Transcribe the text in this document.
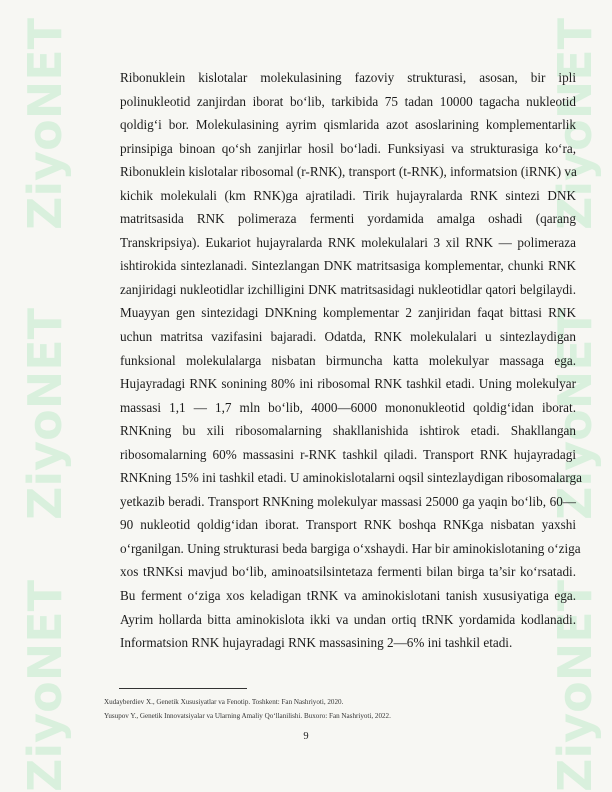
ZiyoNET
ZiyoNET
ZiyoNET
ZiyoNET
ZiyoNET
ZiyoNET

Ribonuklein kislotalar molekulasining fazoviy strukturasi, asosan, bir ipli
polinukleotid zanjirdan iborat bo‘lib, tarkibida 75 tadan 10000 tagacha nukleotid
qoldig‘i bor. Molekulasining ayrim qismlarida azot asoslarining komplementarlik
prinsipiga binoan qo‘sh zanjirlar hosil bo‘ladi. Funksiyasi va strukturasiga ko‘ra,
Ribonuklein kislotalar ribosomal (r-RNK), transport (t-RNK), informatsion (iRNK) va
kichik molekulali (km RNK)ga ajratiladi. Tirik hujayralarda RNK sintezi DNK
matritsasida RNK polimeraza fermenti yordamida amalga oshadi (qarang
Transkripsiya). Eukariot hujayralarda RNK molekulalari 3 xil RNK — polimeraza
ishtirokida sintezlanadi. Sintezlangan DNK matritsasiga komplementar, chunki RNK
zanjiridagi nukleotidlar izchilligini DNK matritsasidagi nukleotidlar qatori belgilaydi.
Muayyan gen sintezidagi DNKning komplementar 2 zanjiridan faqat bittasi RNK
uchun matritsa vazifasini bajaradi. Odatda, RNK molekulalari u sintezlaydigan
funksional molekulalarga nisbatan birmuncha katta molekulyar massaga ega.
Hujayradagi RNK sonining 80% ini ribosomal RNK tashkil etadi. Uning molekulyar
massasi 1,1 — 1,7 mln bo‘lib, 4000—6000 mononukleotid qoldig‘idan iborat.
RNKning bu xili ribosomalarning shakllanishida ishtirok etadi. Shakllangan
ribosomalarning 60% massasini r-RNK tashkil qiladi. Transport RNK hujayradagi
RNKning 15% ini tashkil etadi. U aminokislotalarni oqsil sintezlaydigan ribosomalarga
yetkazib beradi. Transport RNKning molekulyar massasi 25000 ga yaqin bo‘lib, 60—
90 nukleotid qoldig‘idan iborat. Transport RNK boshqa RNKga nisbatan yaxshi
o‘rganilgan. Uning strukturasi beda bargiga o‘xshaydi. Har bir aminokislotaning o‘ziga
xos tRNKsi mavjud bo‘lib, aminoatsilsintetaza fermenti bilan birga ta’sir ko‘rsatadi.
Bu ferment o‘ziga xos keladigan tRNK va aminokislotani tanish xususiyatiga ega.
Ayrim hollarda bitta aminokislota ikki va undan ortiq tRNK yordamida kodlanadi.
Informatsion RNK hujayradagi RNK massasining 2—6% ini tashkil etadi.

Xudayberdiev X., Genetik Xususiyatlar va Fenotip. Toshkent: Fan Nashriyoti, 2020.
Yusupov Y., Genetik Innovatsiyalar va Ularning Amaliy Qo‘llanilishi. Buxoro: Fan Nashriyoti, 2022.
9
